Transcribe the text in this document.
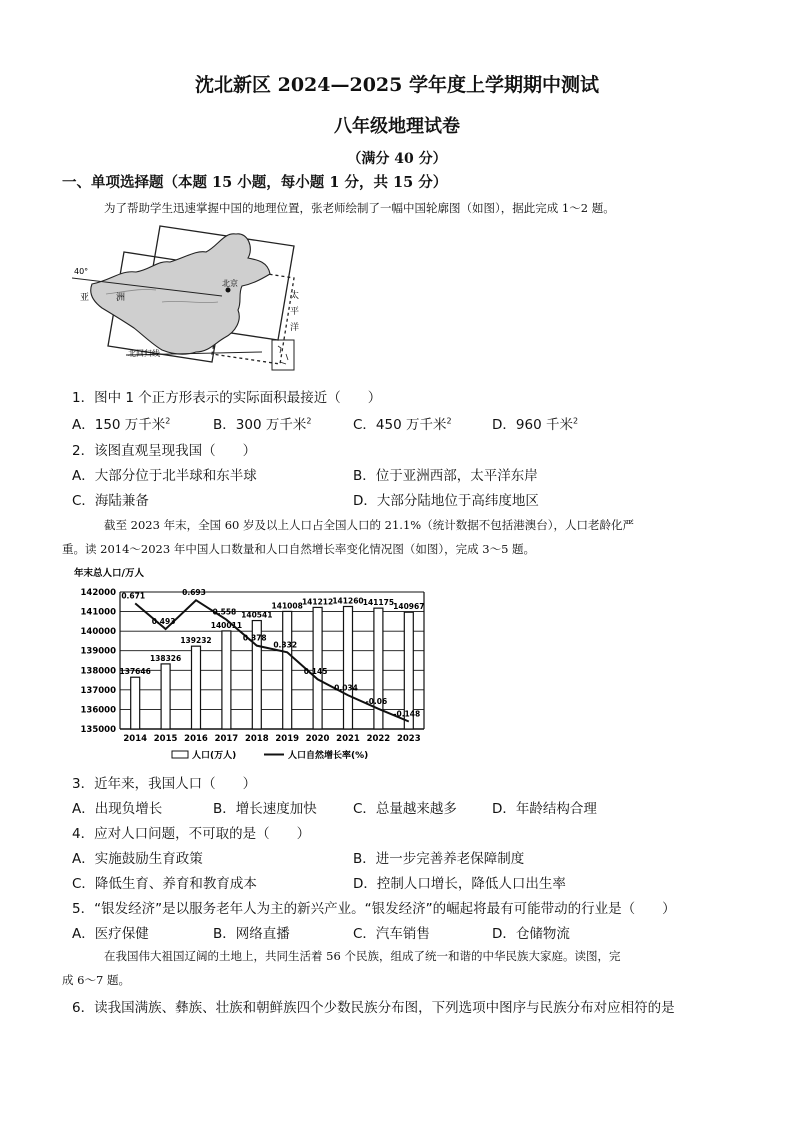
沈北新区 2024—2025 学年度上学期期中测试
八年级地理试卷
（满分 40 分）
一、单项选择题（本题 15 小题，每小题 1 分，共 15 分）
为了帮助学生迅速掌握中国的地理位置，张老师绘制了一幅中国轮廓图（如图），据此完成 1～2 题。
40°
亚	洲
北京
太
平
洋
北回归线
1．图中 1 个正方形表示的实际面积最接近（　　）
A．150 万千米$^2$	B．300 万千米$^2$	C．450 万千米$^2$	D．960 千米$^2$
2．该图直观呈现我国（　　）
A．大部分位于北半球和东半球	B．位于亚洲西部，太平洋东岸
C．海陆兼备	D．大部分陆地位于高纬度地区
截至 2023 年末，全国 60 岁及以上人口占全国人口的 21.1%（统计数据不包括港澳台），人口老龄化严
重。读 2014～2023 年中国人口数量和人口自然增长率变化情况图（如图），完成 3～5 题。
年末总人口/万人
142000
141000
140000
139000
138000
137000
136000
135000
137646
138326
139232
140011
140541
141008 141212 141260 141175 140967
0.671
0.493
0.693
0.558
0.378
0.332
0.145
0.034
-0.06
-0.148
2014 2015 2016 2017 2018 2019 2020 2021 2022 2023
人口(万人)	人口自然增长率(%)
3．近年来，我国人口（　　）
A．出现负增长	B．增长速度加快	C．总量越来越多	D．年龄结构合理
4．应对人口问题，不可取的是（　　）
A．实施鼓励生育政策	B．进一步完善养老保障制度
C．降低生育、养育和教育成本	D．控制人口增长，降低人口出生率
5．“银发经济”是以服务老年人为主的新兴产业。“银发经济”的崛起将最有可能带动的行业是（　　）
A．医疗保健	B．网络直播	C．汽车销售	D．仓储物流
在我国伟大祖国辽阔的土地上，共同生活着 56 个民族，组成了统一和谐的中华民族大家庭。读图，完
成 6～7 题。
6．读我国满族、彝族、壮族和朝鲜族四个少数民族分布图，下列选项中图序与民族分布对应相符的是
